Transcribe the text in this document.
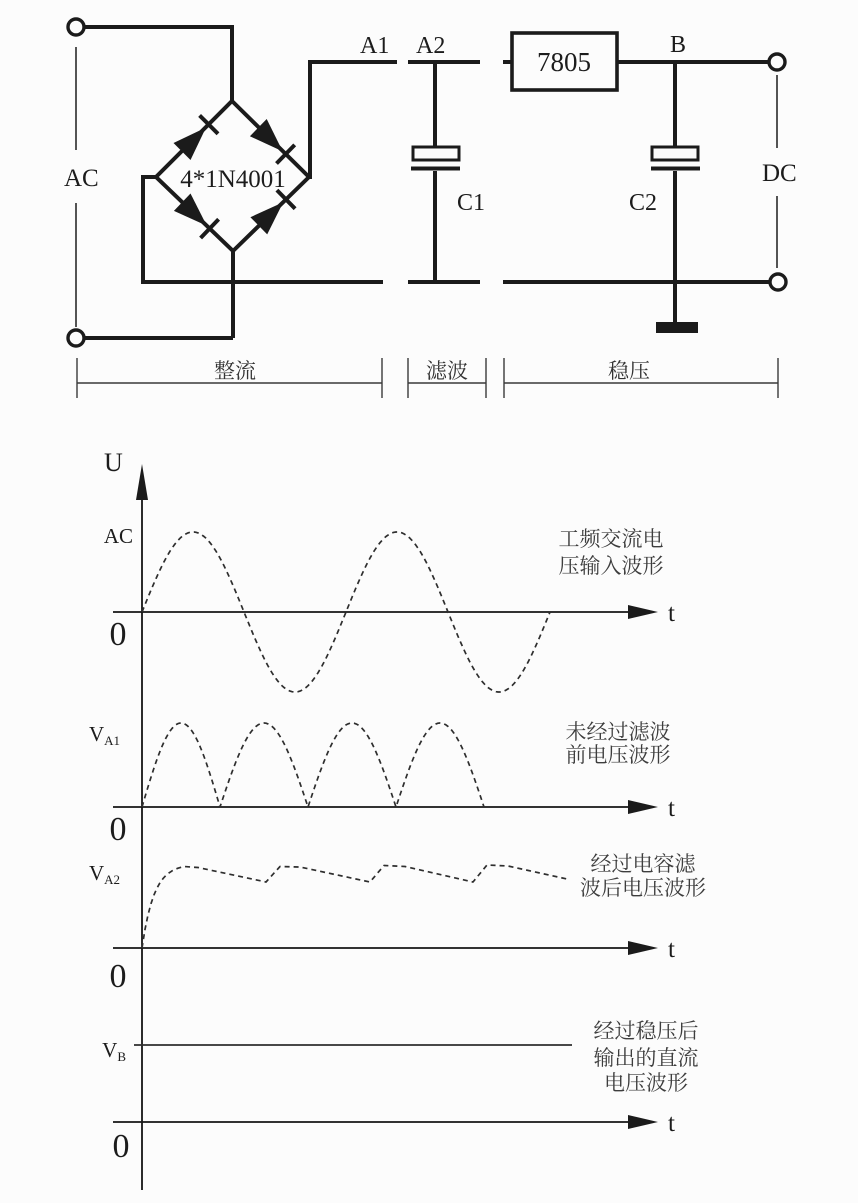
AC	DC
4*1N4001
A1 A2	B
C1
7805
C2
整流	滤波	稳压
U
t
AC
0
工频交流电
压输入波形
t
VA1
0
未经过滤波
前电压波形
t
VA2
0
经过电容滤
波后电压波形
t
VB
0
经过稳压后
输出的直流
电压波形
